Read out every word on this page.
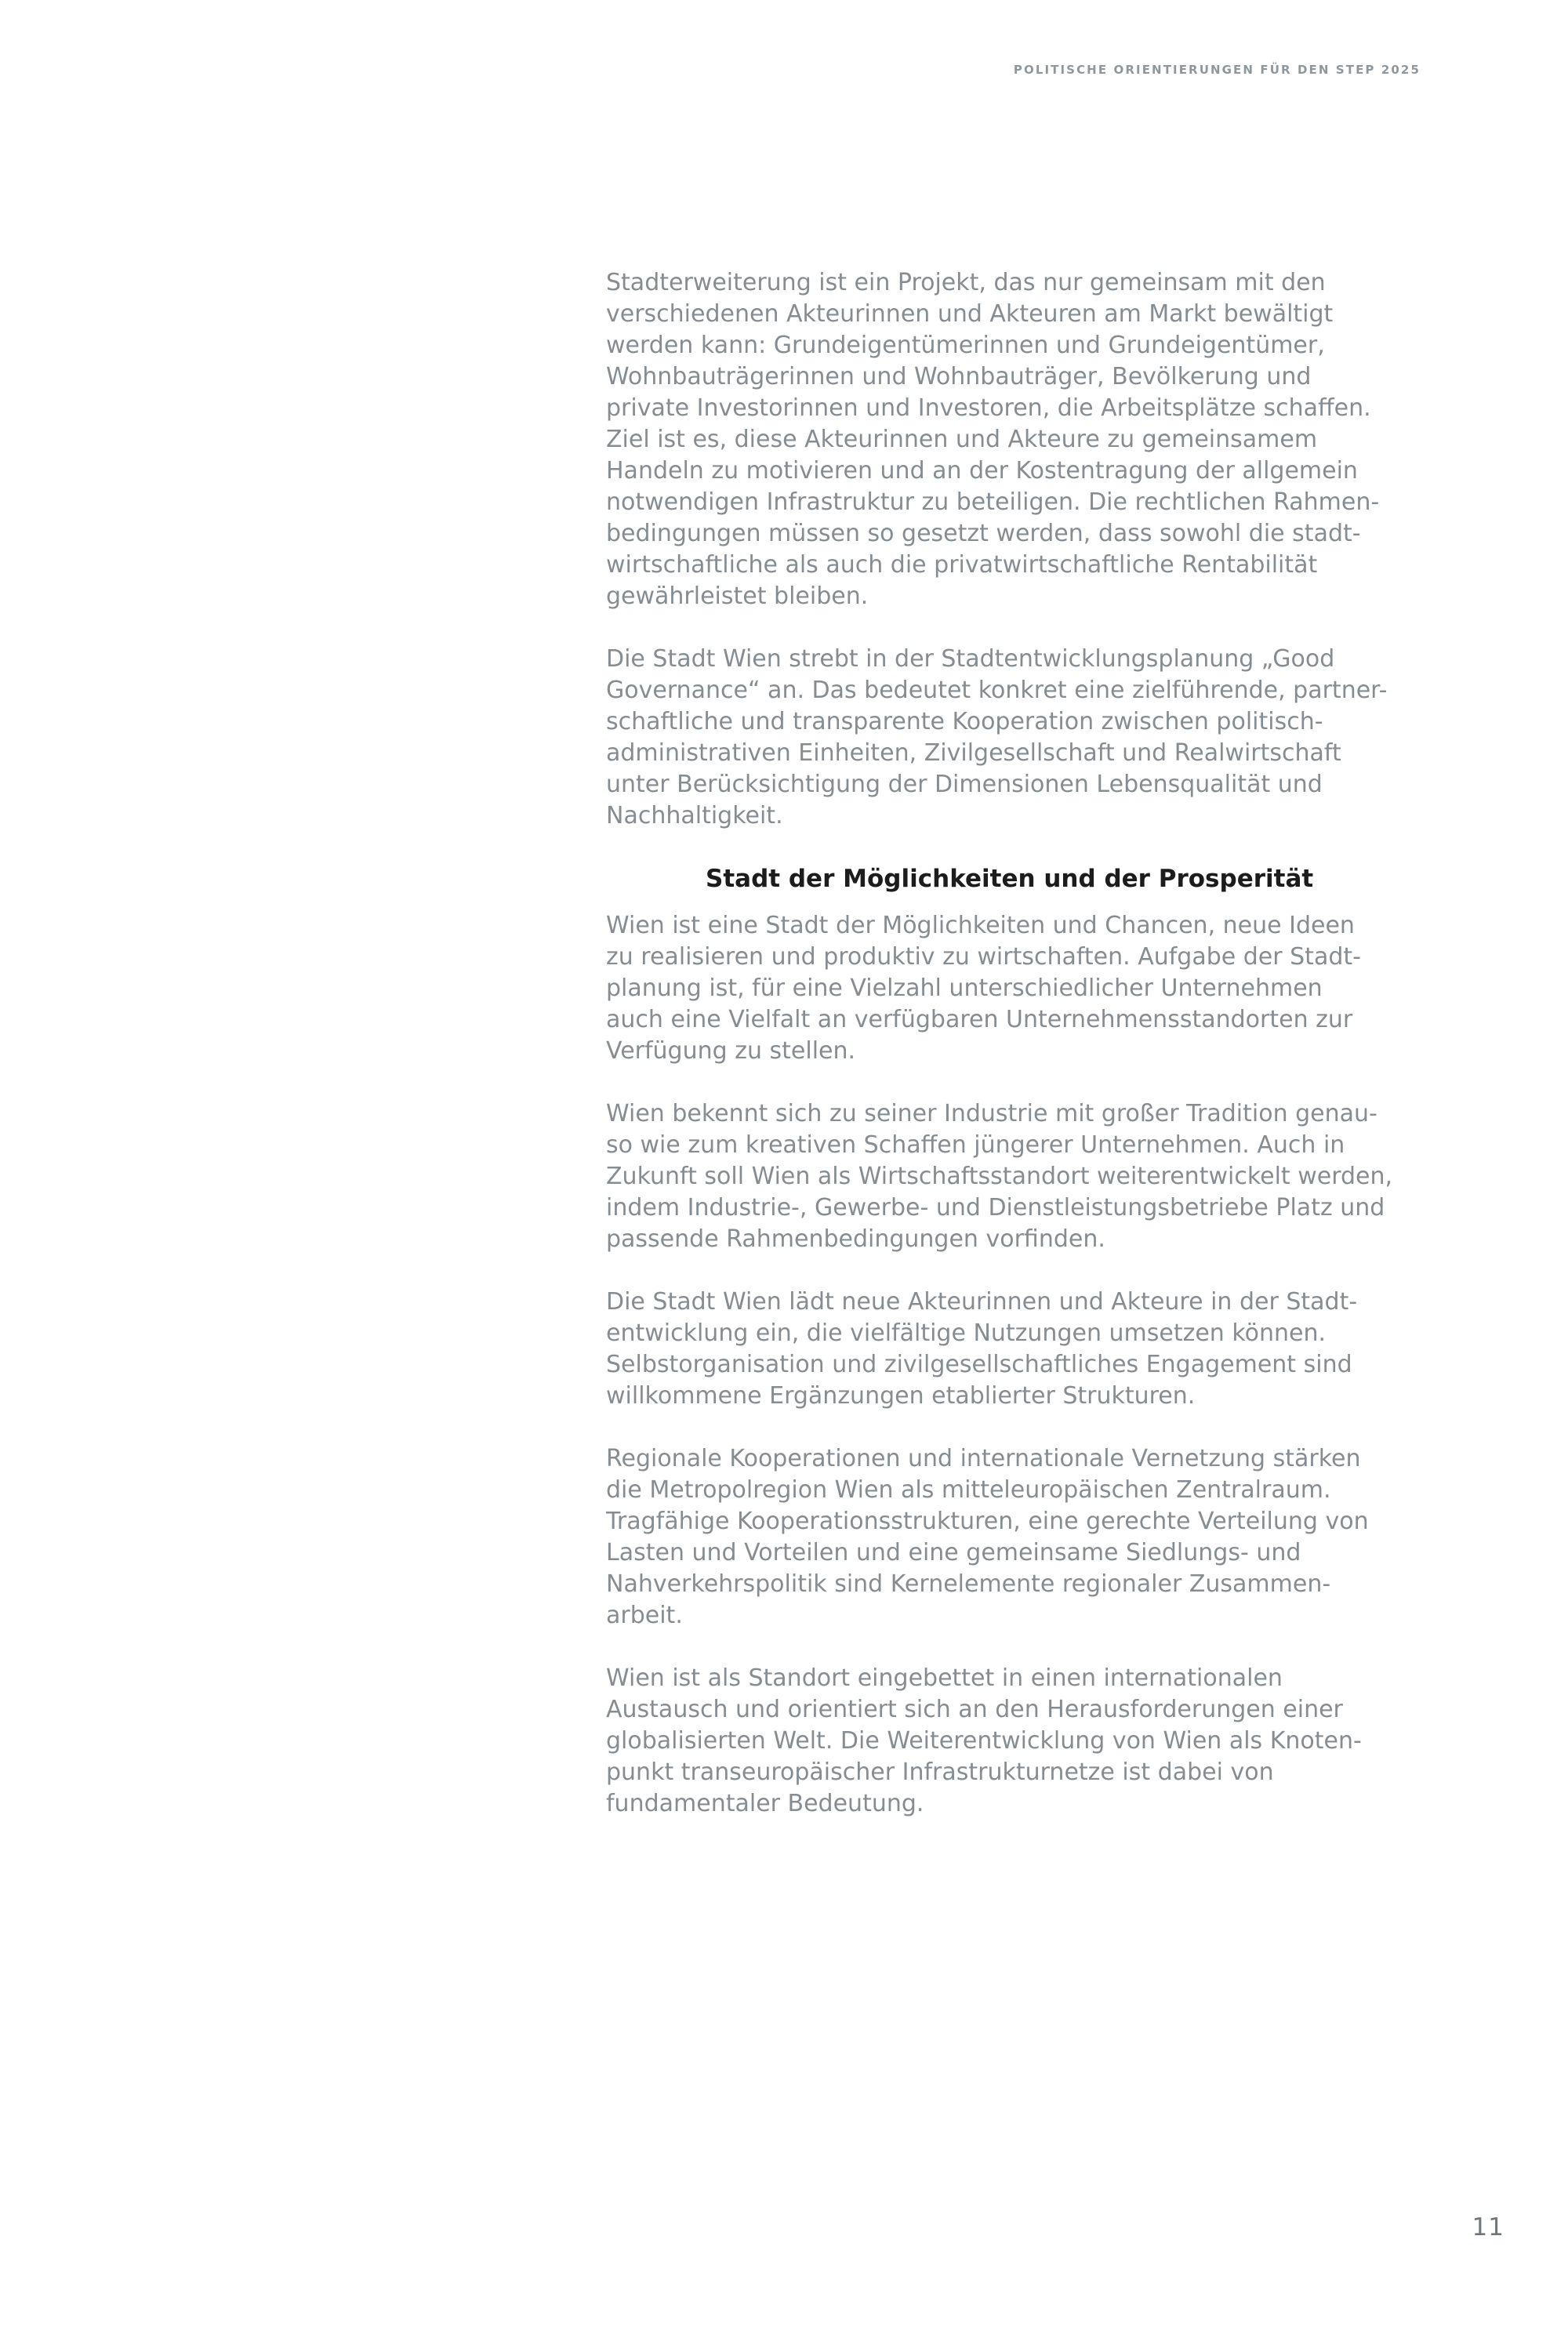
POLITISCHE ORIENTIERUNGEN FÜR DEN STEP 2025

Stadterweiterung ist ein Projekt, das nur gemeinsam mit den
verschiedenen Akteurinnen und Akteuren am Markt bewältigt
werden kann: Grundeigentümerinnen und Grundeigentümer,
Wohnbauträgerinnen und Wohnbauträger, Bevölkerung und
private Investorinnen und Investoren, die Arbeitsplätze schaffen.
Ziel ist es, diese Akteurinnen und Akteure zu gemeinsamem
Handeln zu motivieren und an der Kostentragung der allgemein
notwendigen Infrastruktur zu beteiligen. Die rechtlichen Rahmen-
bedingungen müssen so gesetzt werden, dass sowohl die stadt-
wirtschaftliche als auch die privatwirtschaftliche Rentabilität
gewährleistet bleiben.

Die Stadt Wien strebt in der Stadtentwicklungsplanung „Good
Governance“ an. Das bedeutet konkret eine zielführende, partner-
schaftliche und transparente Kooperation zwischen politisch-
administrativen Einheiten, Zivilgesellschaft und Realwirtschaft
unter Berücksichtigung der Dimensionen Lebensqualität und
Nachhaltigkeit.

Stadt der Möglichkeiten und der Prosperität

Wien ist eine Stadt der Möglichkeiten und Chancen, neue Ideen
zu realisieren und produktiv zu wirtschaften. Aufgabe der Stadt-
planung ist, für eine Vielzahl unterschiedlicher Unternehmen
auch eine Vielfalt an verfügbaren Unternehmensstandorten zur
Verfügung zu stellen.

Wien bekennt sich zu seiner Industrie mit großer Tradition genau-
so wie zum kreativen Schaffen jüngerer Unternehmen. Auch in
Zukunft soll Wien als Wirtschaftsstandort weiterentwickelt werden,
indem Industrie-, Gewerbe- und Dienstleistungsbetriebe Platz und
passende Rahmenbedingungen vorfinden.

Die Stadt Wien lädt neue Akteurinnen und Akteure in der Stadt-
entwicklung ein, die vielfältige Nutzungen umsetzen können.
Selbstorganisation und zivilgesellschaftliches Engagement sind
willkommene Ergänzungen etablierter Strukturen.

Regionale Kooperationen und internationale Vernetzung stärken
die Metropolregion Wien als mitteleuropäischen Zentralraum.
Tragfähige Kooperationsstrukturen, eine gerechte Verteilung von
Lasten und Vorteilen und eine gemeinsame Siedlungs- und
Nahverkehrspolitik sind Kernelemente regionaler Zusammen-
arbeit.

Wien ist als Standort eingebettet in einen internationalen
Austausch und orientiert sich an den Herausforderungen einer
globalisierten Welt. Die Weiterentwicklung von Wien als Knoten-
punkt transeuropäischer Infrastrukturnetze ist dabei von
fundamentaler Bedeutung.

11
